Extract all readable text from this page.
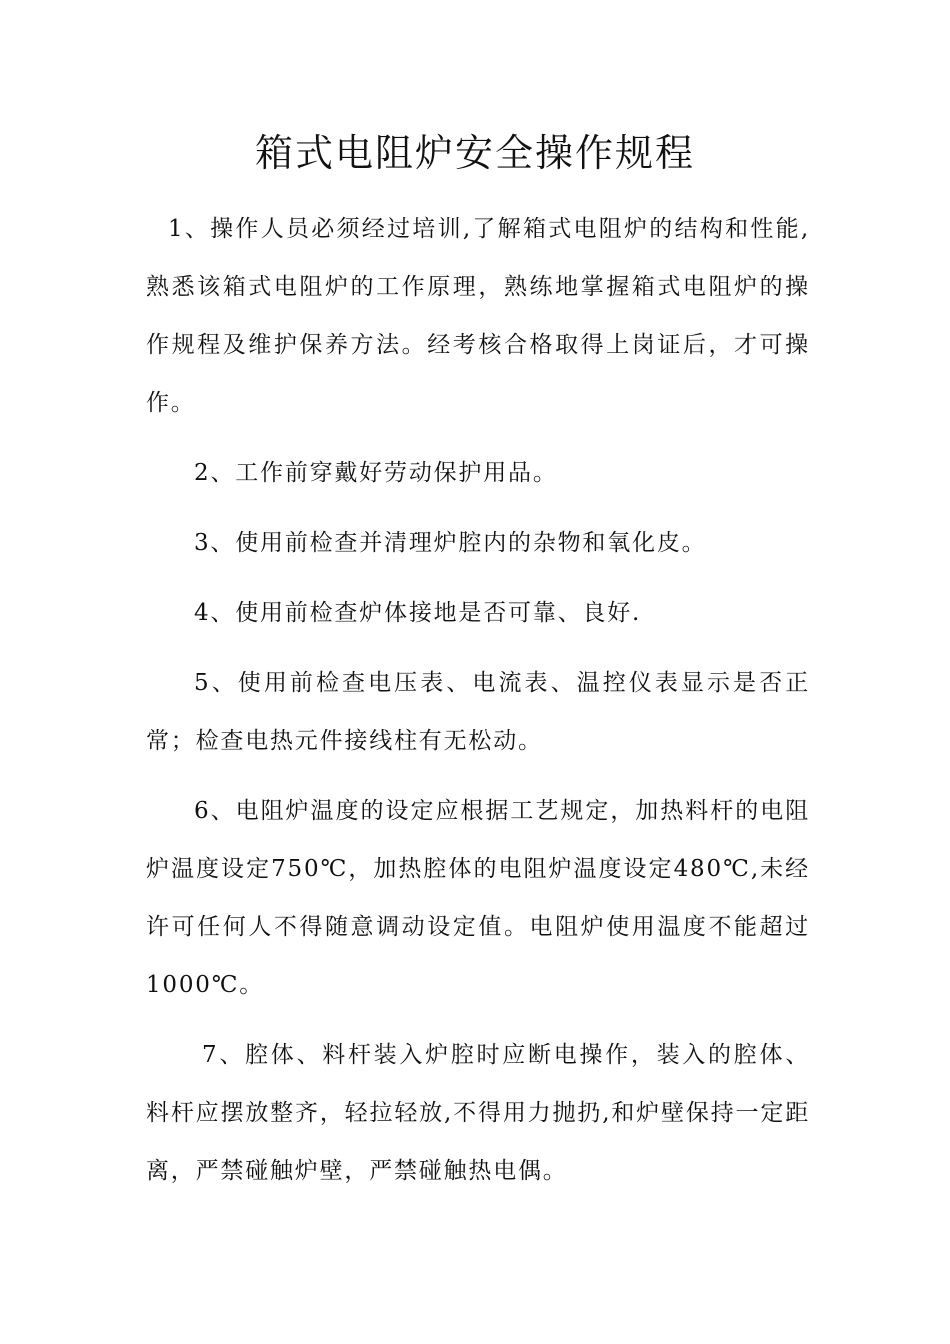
箱式电阻炉安全操作规程

1、操作人员必须经过培训,了解箱式电阻炉的结构和性能,熟悉该箱式电阻炉的工作原理，熟练地掌握箱式电阻炉的操作规程及维护保养方法。经考核合格取得上岗证后，才可操作。

2、工作前穿戴好劳动保护用品。

3、使用前检查并清理炉腔内的杂物和氧化皮。

4、使用前检查炉体接地是否可靠、良好.

5、使用前检查电压表、电流表、温控仪表显示是否正常；检查电热元件接线柱有无松动。

6、电阻炉温度的设定应根据工艺规定，加热料杆的电阻炉温度设定750℃，加热腔体的电阻炉温度设定480℃,未经许可任何人不得随意调动设定值。电阻炉使用温度不能超过1000℃。

7、腔体、料杆装入炉腔时应断电操作，装入的腔体、料杆应摆放整齐，轻拉轻放,不得用力抛扔,和炉壁保持一定距离，严禁碰触炉壁，严禁碰触热电偶。
